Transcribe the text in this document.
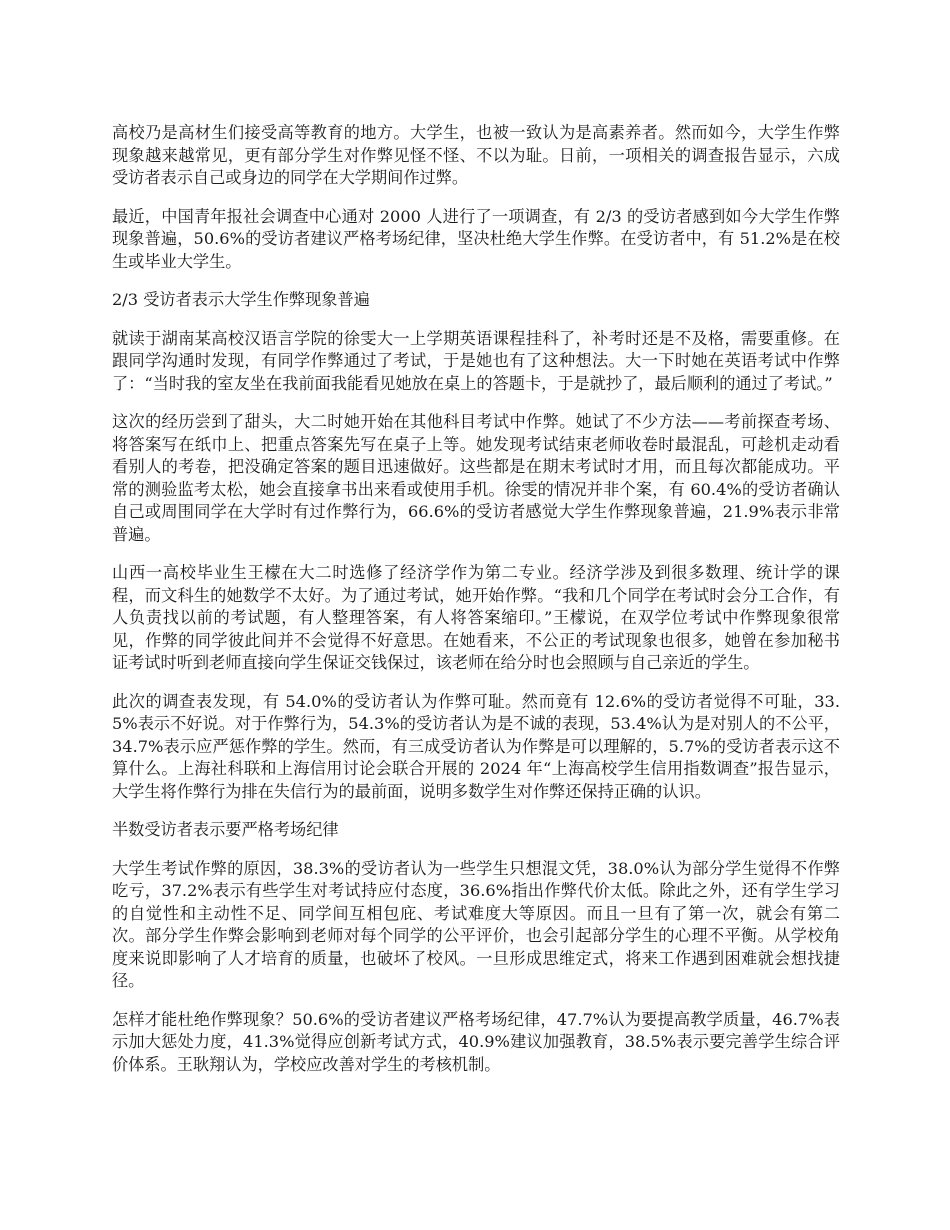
高校乃是高材生们接受高等教育的地方。大学生，也被一致认为是高素养者。然而如今，大学生作弊现象越来越常见，更有部分学生对作弊见怪不怪、不以为耻。日前，一项相关的调查报告显示，六成受访者表示自己或身边的同学在大学期间作过弊。

最近，中国青年报社会调查中心通对 2000 人进行了一项调查，有 2/3 的受访者感到如今大学生作弊现象普遍，50.6%的受访者建议严格考场纪律，坚决杜绝大学生作弊。在受访者中，有 51.2%是在校生或毕业大学生。

2/3 受访者表示大学生作弊现象普遍

就读于湖南某高校汉语言学院的徐雯大一上学期英语课程挂科了，补考时还是不及格，需要重修。在跟同学沟通时发现，有同学作弊通过了考试，于是她也有了这种想法。大一下时她在英语考试中作弊了：“当时我的室友坐在我前面我能看见她放在桌上的答题卡，于是就抄了，最后顺利的通过了考试。”

这次的经历尝到了甜头，大二时她开始在其他科目考试中作弊。她试了不少方法——考前探查考场、将答案写在纸巾上、把重点答案先写在桌子上等。她发现考试结束老师收卷时最混乱，可趁机走动看看别人的考卷，把没确定答案的题目迅速做好。这些都是在期末考试时才用，而且每次都能成功。平常的测验监考太松，她会直接拿书出来看或使用手机。徐雯的情况并非个案，有 60.4%的受访者确认自己或周围同学在大学时有过作弊行为，66.6%的受访者感觉大学生作弊现象普遍，21.9%表示非常普遍。

山西一高校毕业生王檬在大二时选修了经济学作为第二专业。经济学涉及到很多数理、统计学的课程，而文科生的她数学不太好。为了通过考试，她开始作弊。“我和几个同学在考试时会分工合作，有人负责找以前的考试题，有人整理答案，有人将答案缩印。”王檬说，在双学位考试中作弊现象很常见，作弊的同学彼此间并不会觉得不好意思。在她看来，不公正的考试现象也很多，她曾在参加秘书证考试时听到老师直接向学生保证交钱保过，该老师在给分时也会照顾与自己亲近的学生。

此次的调查表发现，有 54.0%的受访者认为作弊可耻。然而竟有 12.6%的受访者觉得不可耻，33.5%表示不好说。对于作弊行为，54.3%的受访者认为是不诚的表现，53.4%认为是对别人的不公平，34.7%表示应严惩作弊的学生。然而，有三成受访者认为作弊是可以理解的，5.7%的受访者表示这不算什么。上海社科联和上海信用讨论会联合开展的 2024 年“上海高校学生信用指数调查”报告显示，大学生将作弊行为排在失信行为的最前面，说明多数学生对作弊还保持正确的认识。

半数受访者表示要严格考场纪律

大学生考试作弊的原因，38.3%的受访者认为一些学生只想混文凭，38.0%认为部分学生觉得不作弊吃亏，37.2%表示有些学生对考试持应付态度，36.6%指出作弊代价太低。除此之外，还有学生学习的自觉性和主动性不足、同学间互相包庇、考试难度大等原因。而且一旦有了第一次，就会有第二次。部分学生作弊会影响到老师对每个同学的公平评价，也会引起部分学生的心理不平衡。从学校角度来说即影响了人才培育的质量，也破坏了校风。一旦形成思维定式，将来工作遇到困难就会想找捷径。

怎样才能杜绝作弊现象？50.6%的受访者建议严格考场纪律，47.7%认为要提高教学质量，46.7%表示加大惩处力度，41.3%觉得应创新考试方式，40.9%建议加强教育，38.5%表示要完善学生综合评价体系。王耿翔认为，学校应改善对学生的考核机制。
